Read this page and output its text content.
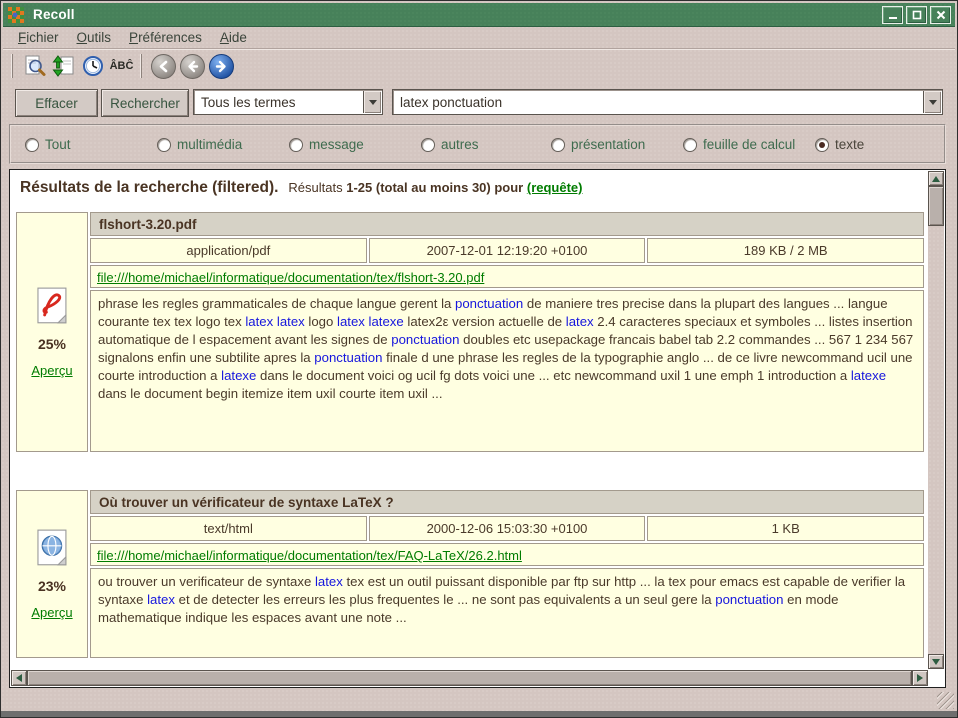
Recoll
Fichier	Outils	Préférences	Aide
ÂBĈ
Effacer Rechercher Tous les termes	latex ponctuation
Tout	multimédia	message	autres	présentation	feuille de calcul	texte
Résultats de la recherche (filtered). Résultats 1-25 (total au moins 30) pour (requête)
25%
Aperçu
flshort-3.20.pdf
application/pdf	2007-12-01 12:19:20 +0100	189 KB / 2 MB
file:///home/michael/informatique/documentation/tex/flshort-3.20.pdf
phrase les regles grammaticales de chaque langue gerent la ponctuation de maniere tres precise dans la plupart des langues ... langue courante tex tex logo tex latex latex logo latex latexe latex2ε version actuelle de latex 2.4 caracteres speciaux et symboles ... listes insertion automatique de l espacement avant les signes de ponctuation doubles etc usepackage francais babel tab 2.2 commandes ... 567 1 234 567 signalons enfin une subtilite apres la ponctuation finale d une phrase les regles de la typographie anglo ... de ce livre newcommand ucil une courte introduction a latexe dans le document voici og ucil fg dots voici une ... etc newcommand uxil 1 une emph 1 introduction a latexe dans le document begin itemize item uxil courte item uxil ...
23%
Aperçu
Où trouver un vérificateur de syntaxe LaTeX ?
text/html	2000-12-06 15:03:30 +0100	1 KB
file:///home/michael/informatique/documentation/tex/FAQ-LaTeX/26.2.html
ou trouver un verificateur de syntaxe latex tex est un outil puissant disponible par ftp sur http ... la tex pour emacs est capable de verifier la syntaxe latex et de detecter les erreurs les plus frequentes le ... ne sont pas equivalents a un seul gere la ponctuation en mode mathematique indique les espaces avant une note ...
